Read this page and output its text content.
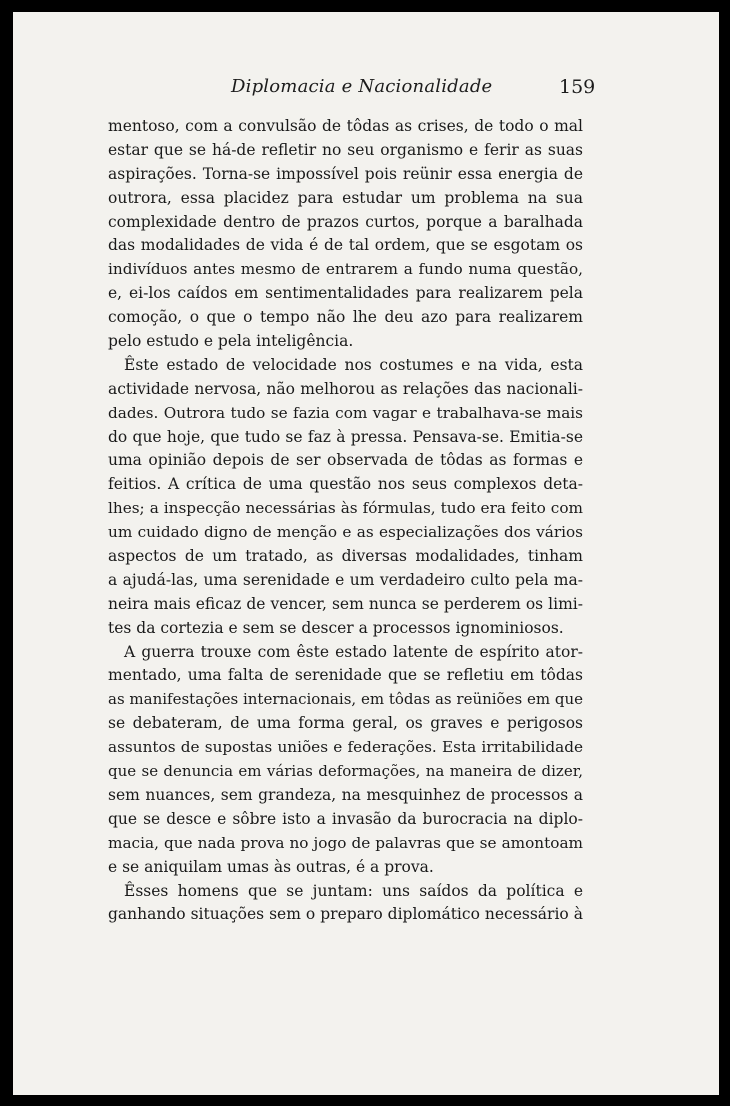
Diplomacia e Nacionalidade	159
mentoso, com a convulsão de tôdas as crises, de todo o mal
estar que se há-de refletir no seu organismo e ferir as suas
aspirações. Torna-se impossível pois reünir essa energia de
outrora, essa placidez para estudar um problema na sua
complexidade dentro de prazos curtos, porque a baralhada
das modalidades de vida é de tal ordem, que se esgotam os
indivíduos antes mesmo de entrarem a fundo numa questão,
e, ei-los caídos em sentimentalidades para realizarem pela
comoção, o que o tempo não lhe deu azo para realizarem
pelo estudo e pela inteligência.
Êste estado de velocidade nos costumes e na vida, esta
actividade nervosa, não melhorou as relações das nacionali-
dades. Outrora tudo se fazia com vagar e trabalhava-se mais
do que hoje, que tudo se faz à pressa. Pensava-se. Emitia-se
uma opinião depois de ser observada de tôdas as formas e
feitios. A crítica de uma questão nos seus complexos deta-
lhes; a inspecção necessárias às fórmulas, tudo era feito com
um cuidado digno de menção e as especializações dos vários
aspectos de um tratado, as diversas modalidades, tinham
a ajudá-las, uma serenidade e um verdadeiro culto pela ma-
neira mais eficaz de vencer, sem nunca se perderem os limi-
tes da cortezia e sem se descer a processos ignominiosos.
A guerra trouxe com êste estado latente de espírito ator-
mentado, uma falta de serenidade que se refletiu em tôdas
as manifestações internacionais, em tôdas as reüniões em que
se debateram, de uma forma geral, os graves e perigosos
assuntos de supostas uniões e federações. Esta irritabilidade
que se denuncia em várias deformações, na maneira de dizer,
sem nuances, sem grandeza, na mesquinhez de processos a
que se desce e sôbre isto a invasão da burocracia na diplo-
macia, que nada prova no jogo de palavras que se amontoam
e se aniquilam umas às outras, é a prova.
Êsses homens que se juntam: uns saídos da política e
ganhando situações sem o preparo diplomático necessário à
